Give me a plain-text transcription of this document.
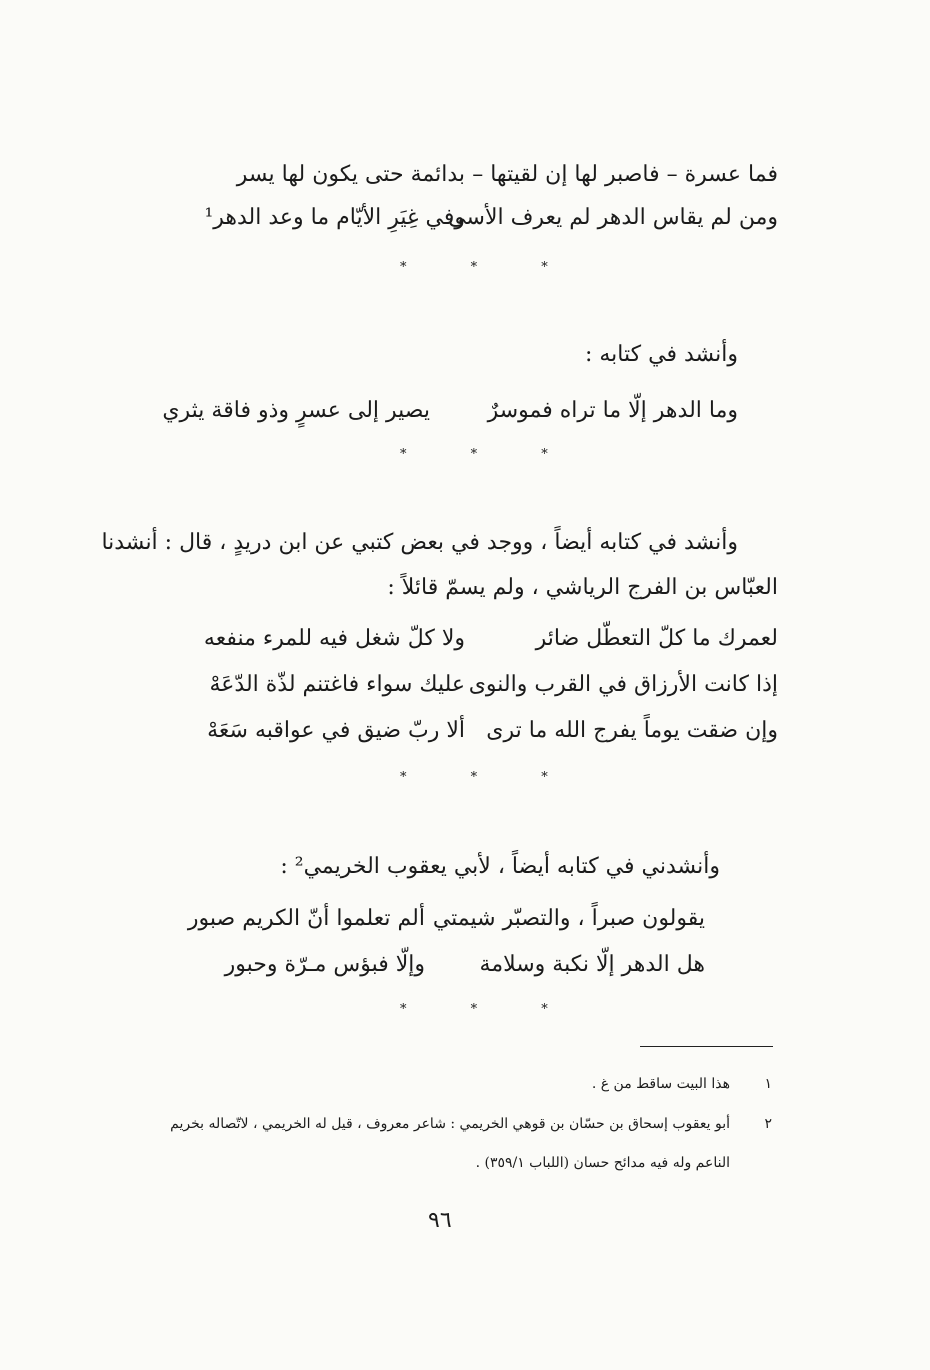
فما عسرة – فاصبر لها إن لقيتها –
بدائمة حتى يكون لها يسر
ومن لم يقاس الدهر لم يعرف الأسى
وفي غِيَرِ الأيّام ما وعد الدهر¹
* * *
وأنشد في كتابه :
وما الدهر إلّا ما تراه فموسرٌ
يصير إلى عسرٍ وذو فاقة يثري
* * *
وأنشد في كتابه أيضاً ، ووجد في بعض كتبي عن ابن دريدٍ ، قال : أنشدنا
العبّاس بن الفرج الرياشي ، ولم يسمّ قائلاً :
لعمرك ما كلّ التعطّل ضائر
ولا كلّ شغل فيه للمرء منفعه
إذا كانت الأرزاق في القرب والنوى
عليك سواء فاغتنم لذّة الدّعَهْ
وإن ضقت يوماً يفرج الله ما ترى
ألا ربّ ضيق في عواقبه سَعَهْ
* * *
وأنشدني في كتابه أيضاً ، لأبي يعقوب الخريمي² :
يقولون صبراً ، والتصبّر شيمتي
ألم تعلموا أنّ الكريم صبور
هل الدهر إلّا نكبة وسلامة
وإلّا فبؤس مـرّة وحبور
* * *
١
هذا البيت ساقط من غ .
٢
أبو يعقوب إسحاق بن حسّان بن قوهي الخريمي : شاعر معروف ، قيل له الخريمي ، لاتّصاله بخريم
الناعم وله فيه مدائح حسان (اللباب ٣٥٩/١) .
٩٦
